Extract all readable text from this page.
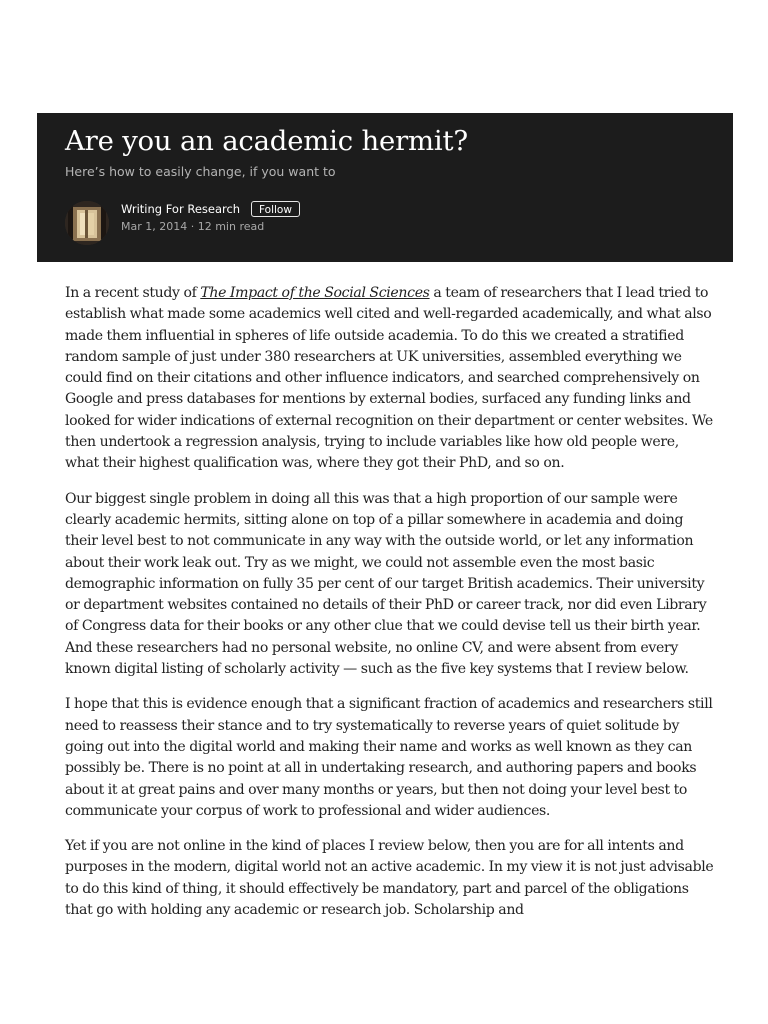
Are you an academic hermit?
Here’s how to easily change, if you want to
Writing For Research	Follow
Mar 1, 2014 · 12 min read

In a recent study of The Impact of the Social Sciences a team of researchers that I lead tried to establish what made some academics well cited and well-regarded academically, and what also made them influential in spheres of life outside academia. To do this we created a stratified random sample of just under 380 researchers at UK universities, assembled everything we could find on their citations and other influence indicators, and searched comprehensively on Google and press databases for mentions by external bodies, surfaced any funding links and looked for wider indications of external recognition on their department or center websites. We then undertook a regression analysis, trying to include variables like how old people were, what their highest qualification was, where they got their PhD, and so on.

Our biggest single problem in doing all this was that a high proportion of our sample were clearly academic hermits, sitting alone on top of a pillar somewhere in academia and doing their level best to not communicate in any way with the outside world, or let any information about their work leak out. Try as we might, we could not assemble even the most basic demographic information on fully 35 per cent of our target British academics. Their university or department websites contained no details of their PhD or career track, nor did even Library of Congress data for their books or any other clue that we could devise tell us their birth year. And these researchers had no personal website, no online CV, and were absent from every known digital listing of scholarly activity — such as the five key systems that I review below.

I hope that this is evidence enough that a significant fraction of academics and researchers still need to reassess their stance and to try systematically to reverse years of quiet solitude by going out into the digital world and making their name and works as well known as they can possibly be. There is no point at all in undertaking research, and authoring papers and books about it at great pains and over many months or years, but then not doing your level best to communicate your corpus of work to professional and wider audiences.

Yet if you are not online in the kind of places I review below, then you are for all intents and purposes in the modern, digital world not an active academic. In my view it is not just advisable to do this kind of thing, it should effectively be mandatory, part and parcel of the obligations that go with holding any academic or research job. Scholarship and
